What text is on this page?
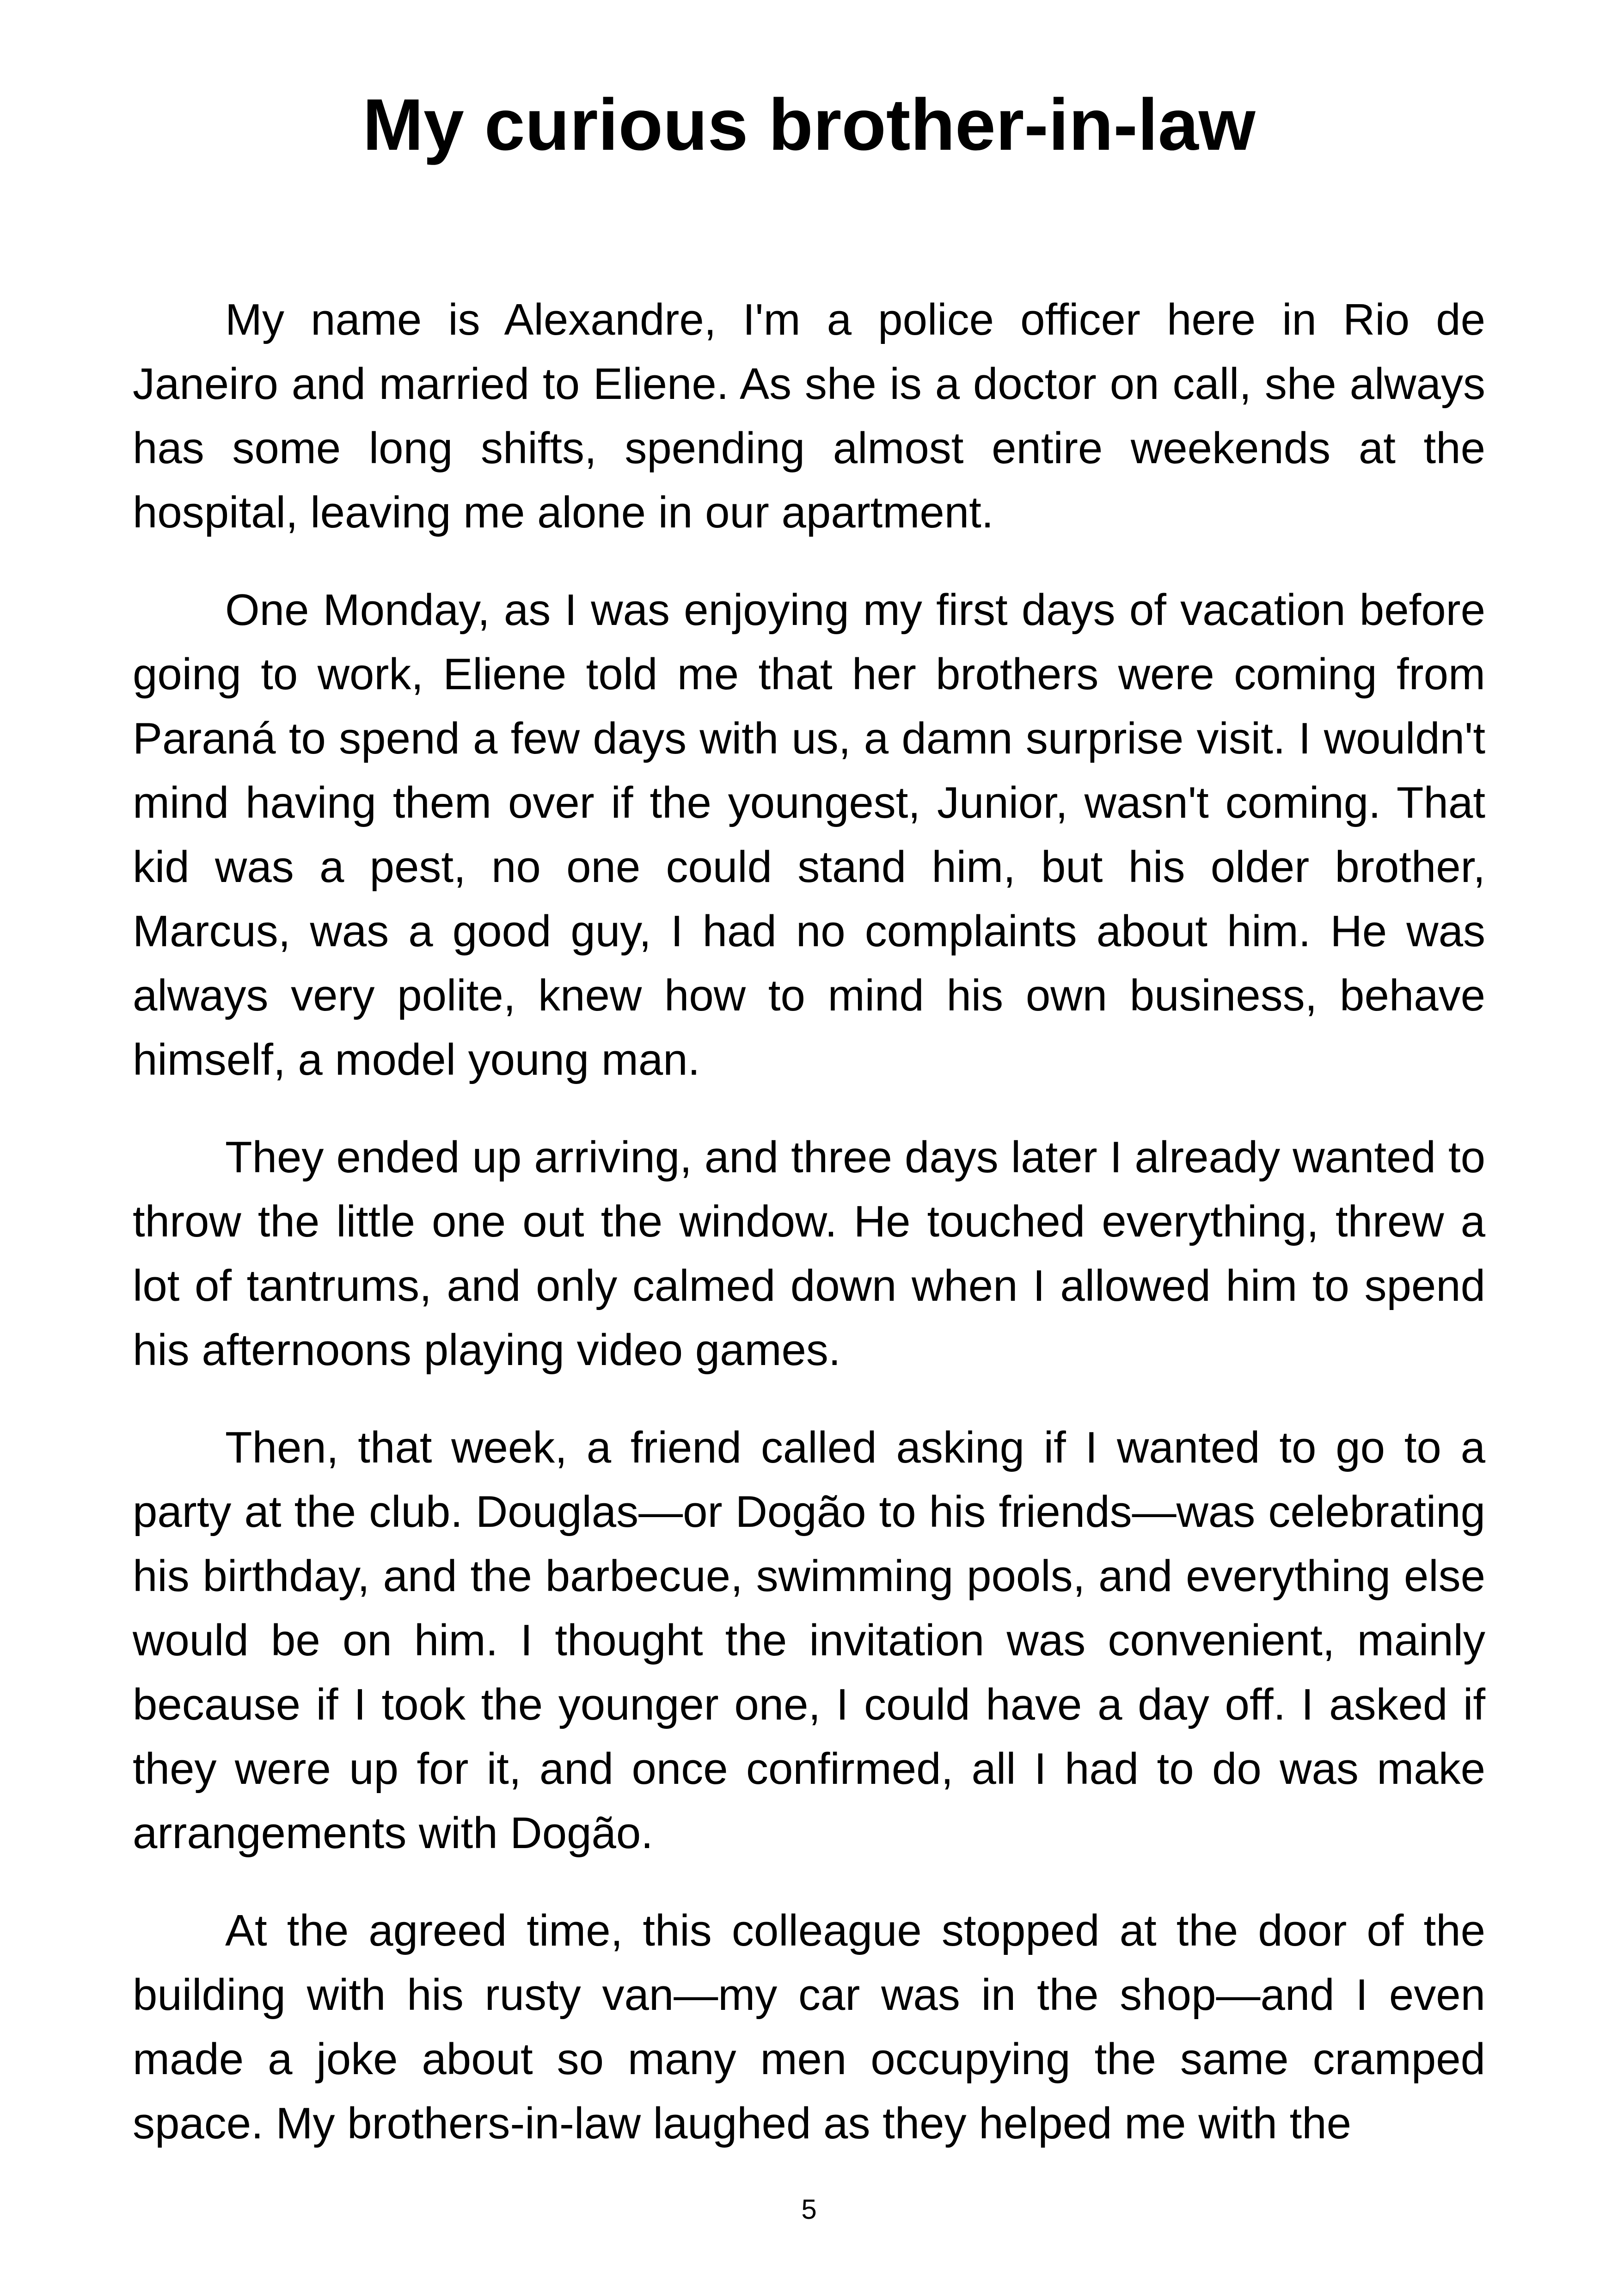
My curious brother-in-law

My name is Alexandre, I'm a police officer here in Rio de Janeiro and married to Eliene. As she is a doctor on call, she always has some long shifts, spending almost entire weekends at the hospital, leaving me alone in our apartment.

One Monday, as I was enjoying my first days of vacation before going to work, Eliene told me that her brothers were coming from Paraná to spend a few days with us, a damn surprise visit. I wouldn't mind having them over if the youngest, Junior, wasn't coming. That kid was a pest, no one could stand him, but his older brother, Marcus, was a good guy, I had no complaints about him. He was always very polite, knew how to mind his own business, behave himself, a model young man.

They ended up arriving, and three days later I already wanted to throw the little one out the window. He touched everything, threw a lot of tantrums, and only calmed down when I allowed him to spend his afternoons playing video games.

Then, that week, a friend called asking if I wanted to go to a party at the club. Douglas—or Dogão to his friends—was celebrating his birthday, and the barbecue, swimming pools, and everything else would be on him. I thought the invitation was convenient, mainly because if I took the younger one, I could have a day off. I asked if they were up for it, and once confirmed, all I had to do was make arrangements with Dogão.

At the agreed time, this colleague stopped at the door of the building with his rusty van—my car was in the shop—and I even made a joke about so many men occupying the same cramped space. My brothers-in-law laughed as they helped me with the

5
